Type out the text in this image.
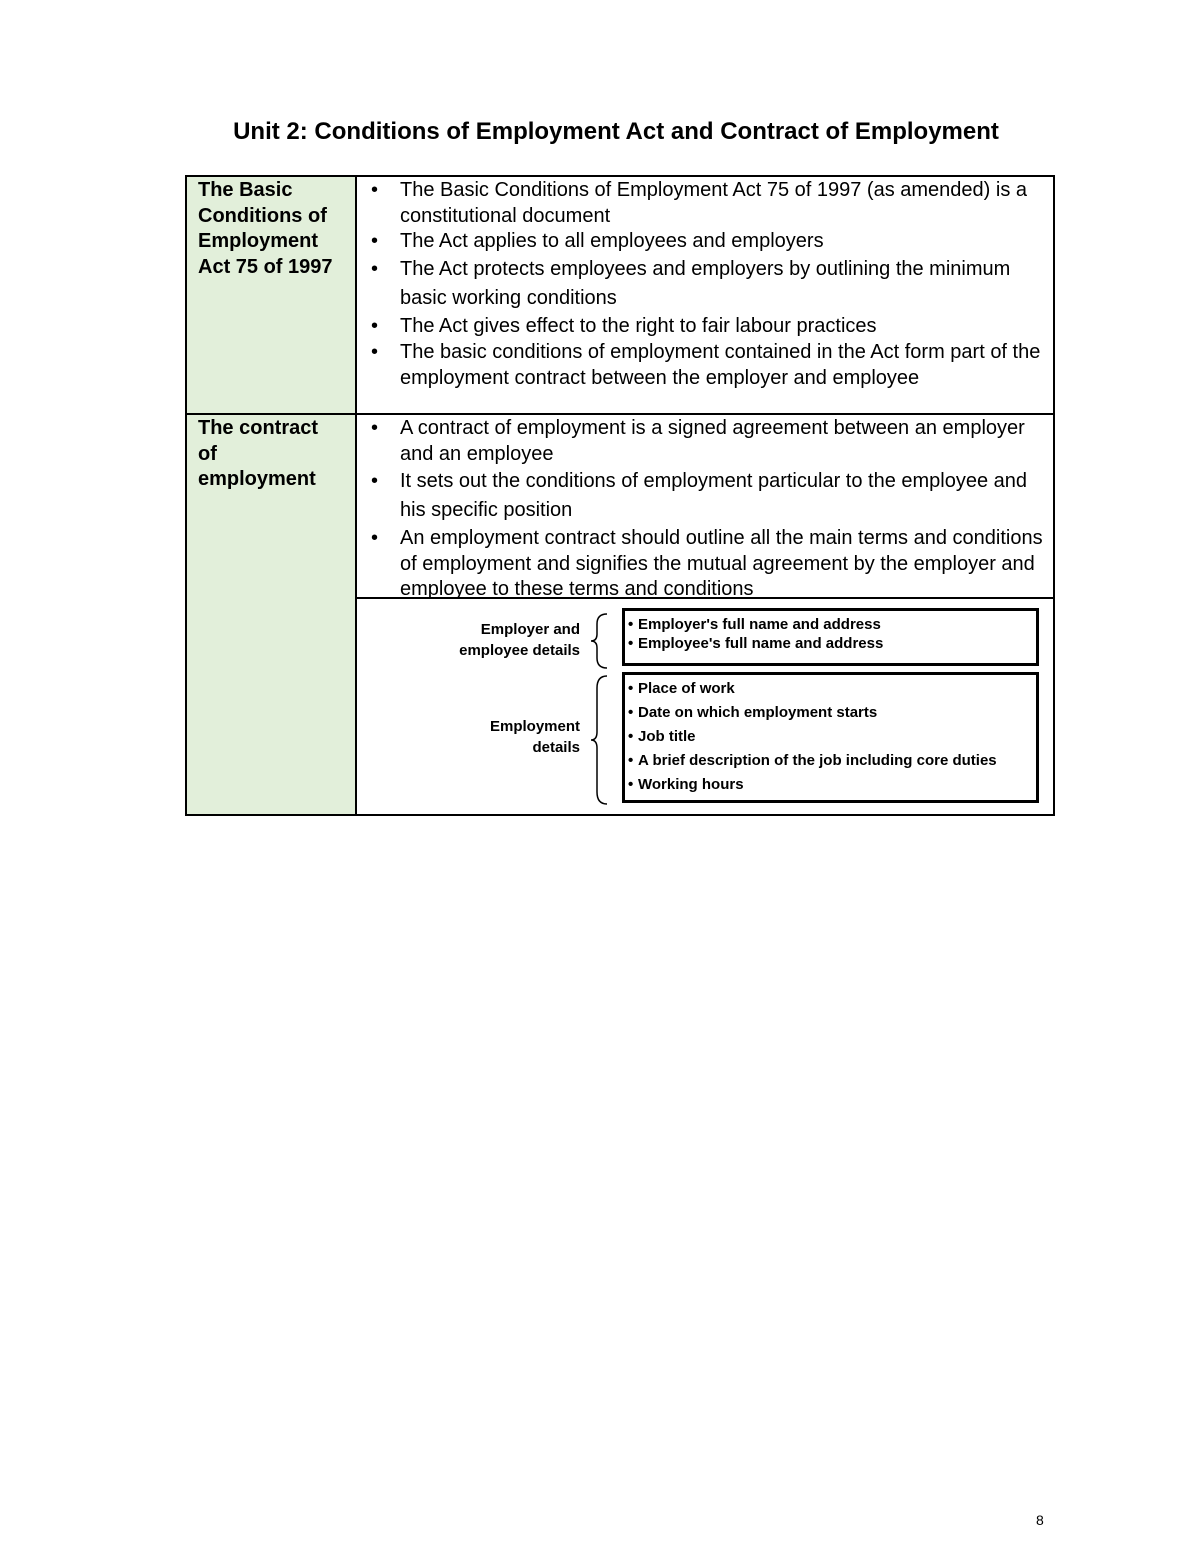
Unit 2: Conditions of Employment Act and Contract of Employment
The Basic Conditions of Employment Act 75 of 1997
• The Basic Conditions of Employment Act 75 of 1997 (as amended) is a constitutional document
• The Act applies to all employees and employers
• The Act protects employees and employers by outlining the minimum basic working conditions
• The Act gives effect to the right to fair labour practices
• The basic conditions of employment contained in the Act form part of the employment contract between the employer and employee
The contract of employment
• A contract of employment is a signed agreement between an employer and an employee
• It sets out the conditions of employment particular to the employee and his specific position
• An employment contract should outline all the main terms and conditions of employment and signifies the mutual agreement by the employer and employee to these terms and conditions
Employer and employee details
• Employer's full name and address
• Employee's full name and address
Employment details
• Place of work
• Date on which employment starts
• Job title
• A brief description of the job including core duties
• Working hours
8
